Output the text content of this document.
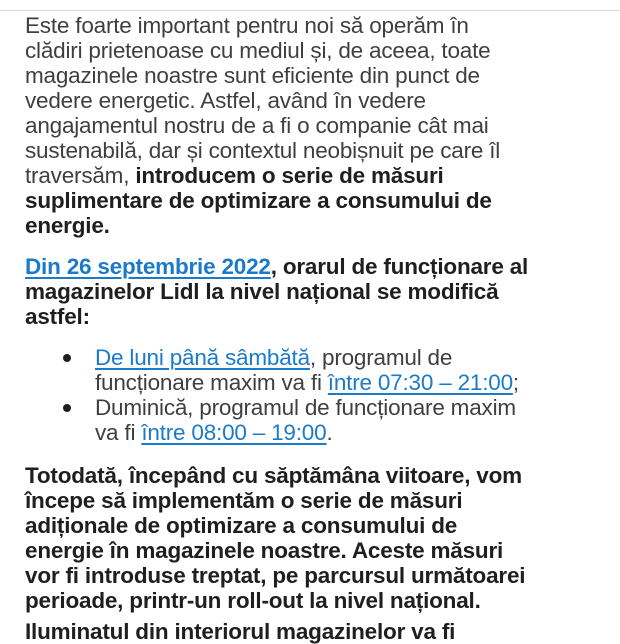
Este foarte important pentru noi să operăm în
clădiri prietenoase cu mediul și, de aceea, toate
magazinele noastre sunt eficiente din punct de
vedere energetic. Astfel, având în vedere
angajamentul nostru de a fi o companie cât mai
sustenabilă, dar și contextul neobișnuit pe care îl
traversăm, introducem o serie de măsuri
suplimentare de optimizare a consumului de
energie.
Din 26 septembrie 2022, orarul de funcționare al
magazinelor Lidl la nivel național se modifică
astfel:
De luni până sâmbătă, programul de
funcționare maxim va fi între 07:30 – 21:00;
Duminică, programul de funcționare maxim
va fi între 08:00 – 19:00.
Totodată, începând cu săptămâna viitoare, vom
începe să implementăm o serie de măsuri
adiționale de optimizare a consumului de
energie în magazinele noastre. Aceste măsuri
vor fi introduse treptat, pe parcursul următoarei
perioade, printr-un roll-out la nivel național.
Iluminatul din interiorul magazinelor va fi
